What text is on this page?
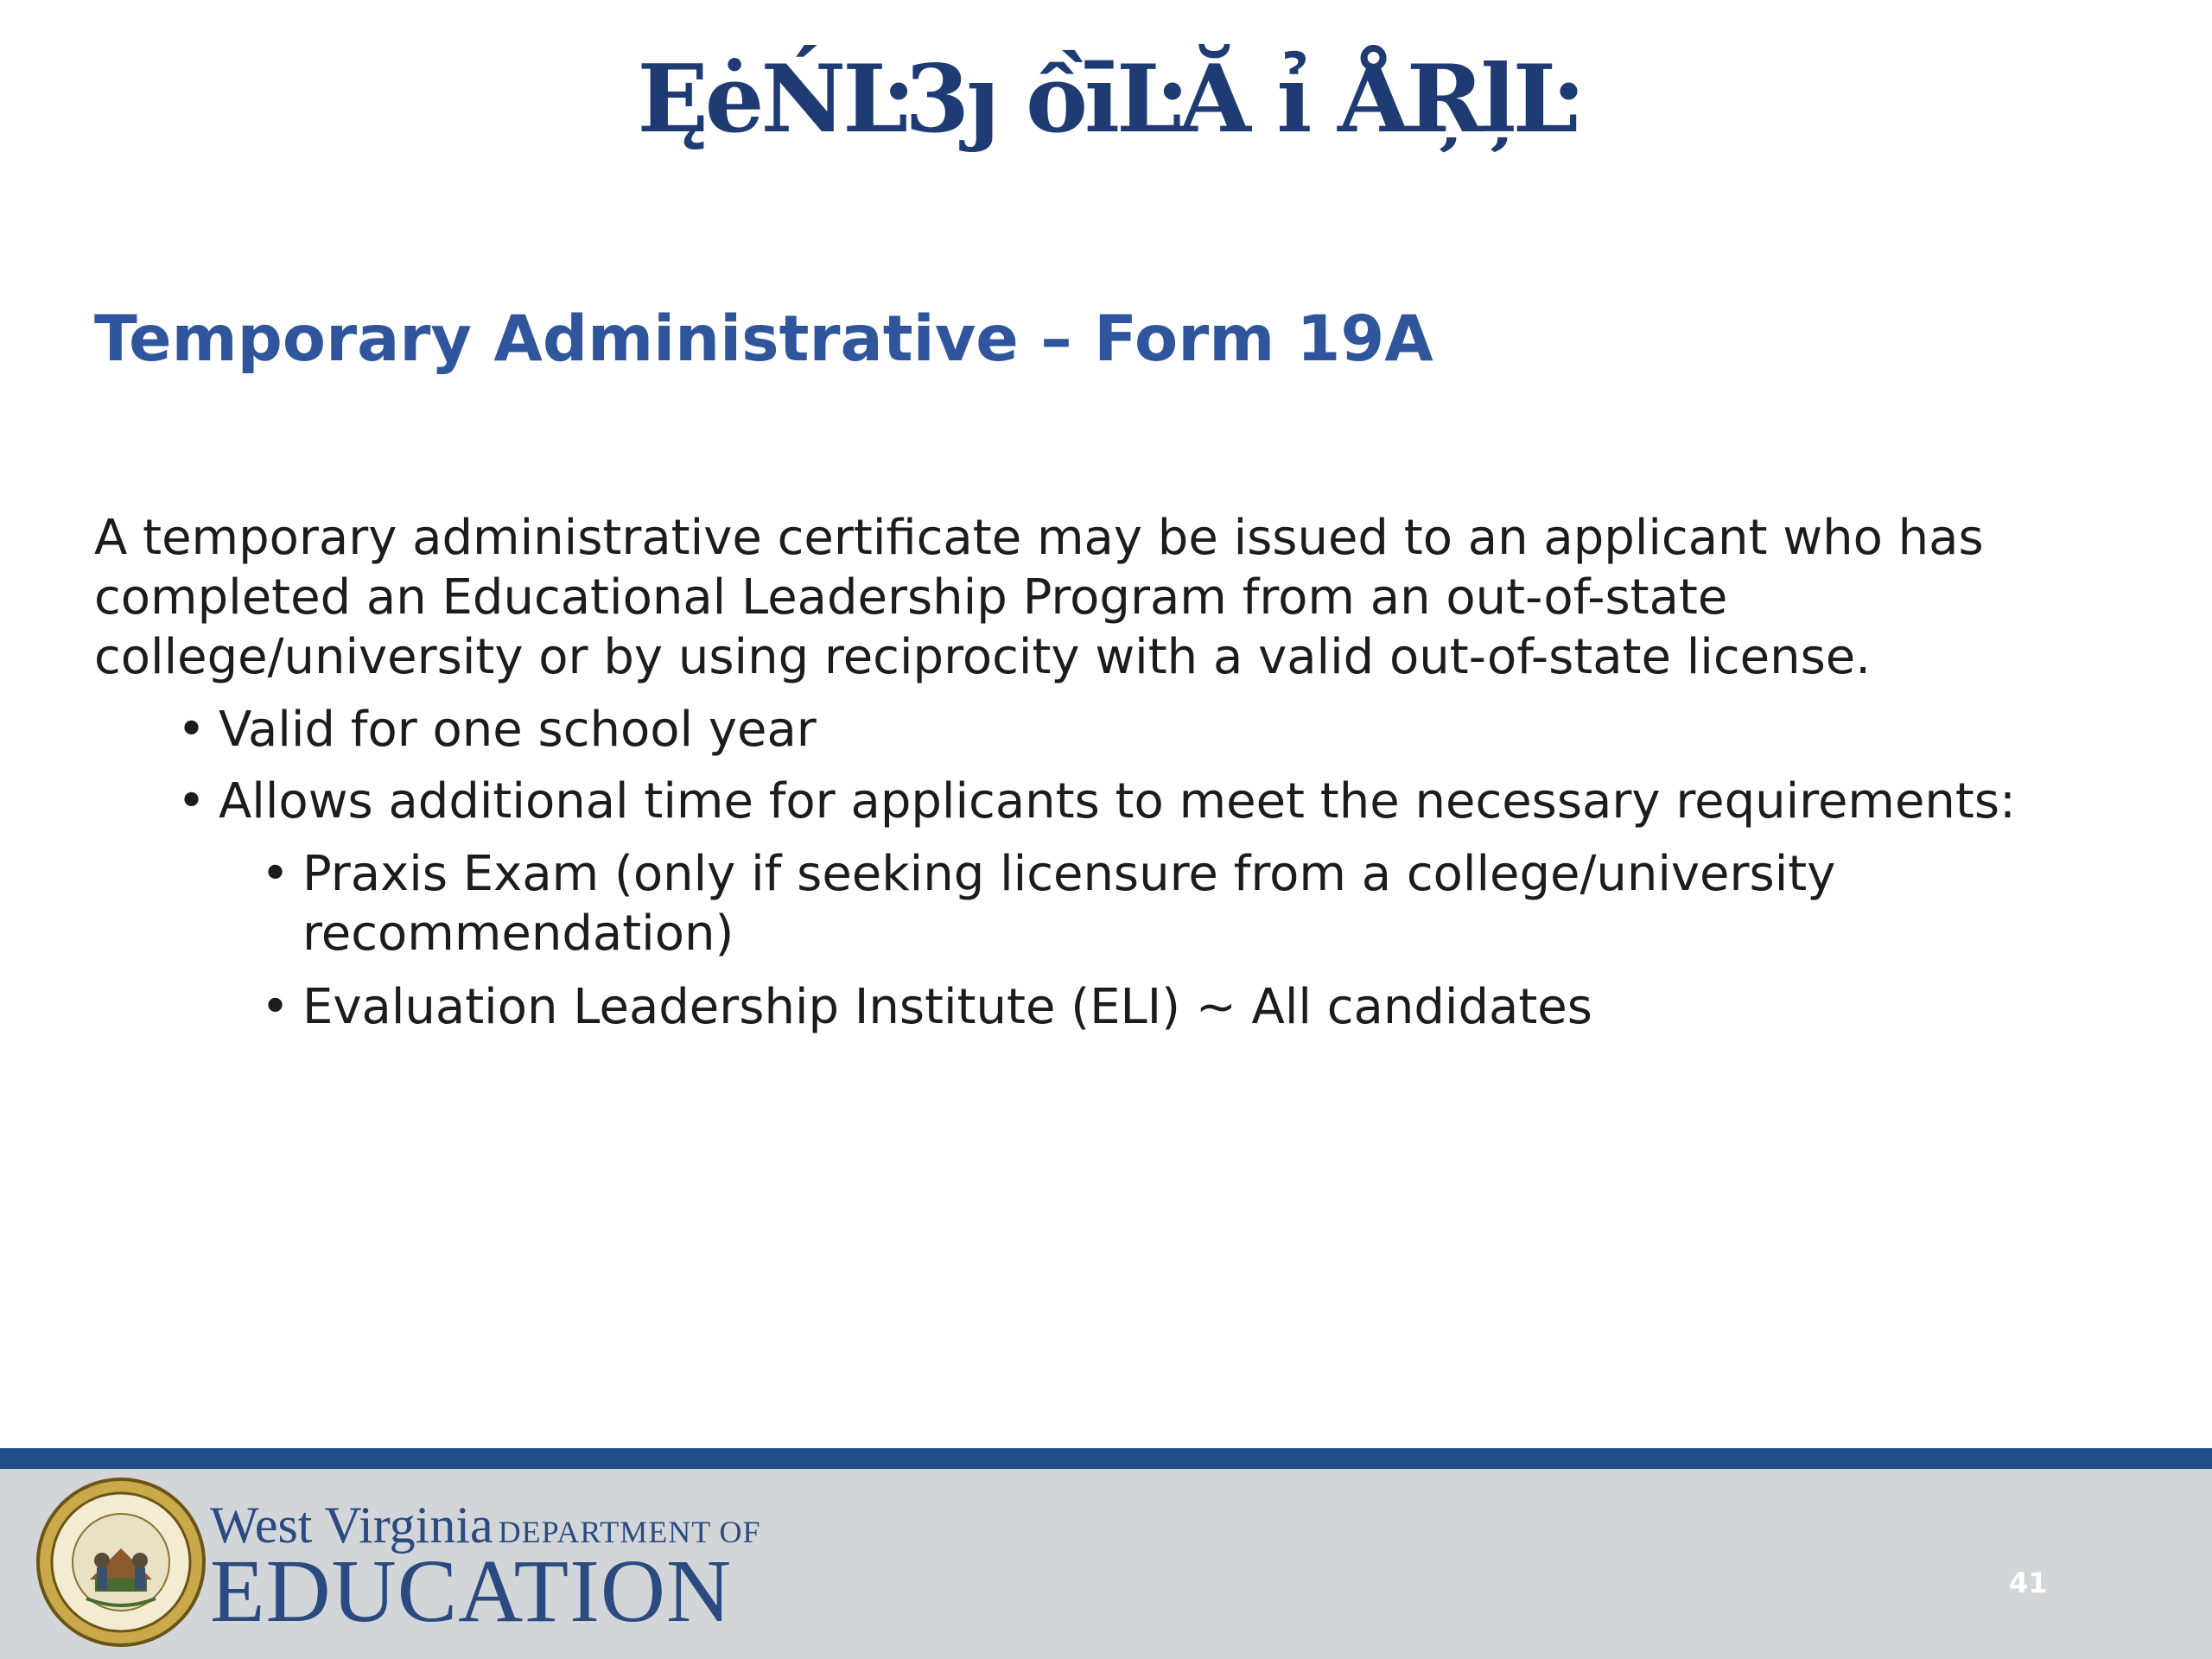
ĘėŃĿ3ȷ ồīĿĂ ỉ ÅŖļĿ
Temporary Administrative – Form 19A

A temporary administrative certificate may be issued to an applicant who has completed an Educational Leadership Program from an out-of-state college/university or by using reciprocity with a valid out-of-state license.

• Valid for one school year
• Allows additional time for applicants to meet the necessary requirements:
• Praxis Exam (only if seeking licensure from a college/university
recommendation)
• Evaluation Leadership Institute (ELI) ~ All candidates
West Virginia DEPARTMENT OF
EDUCATION	41
